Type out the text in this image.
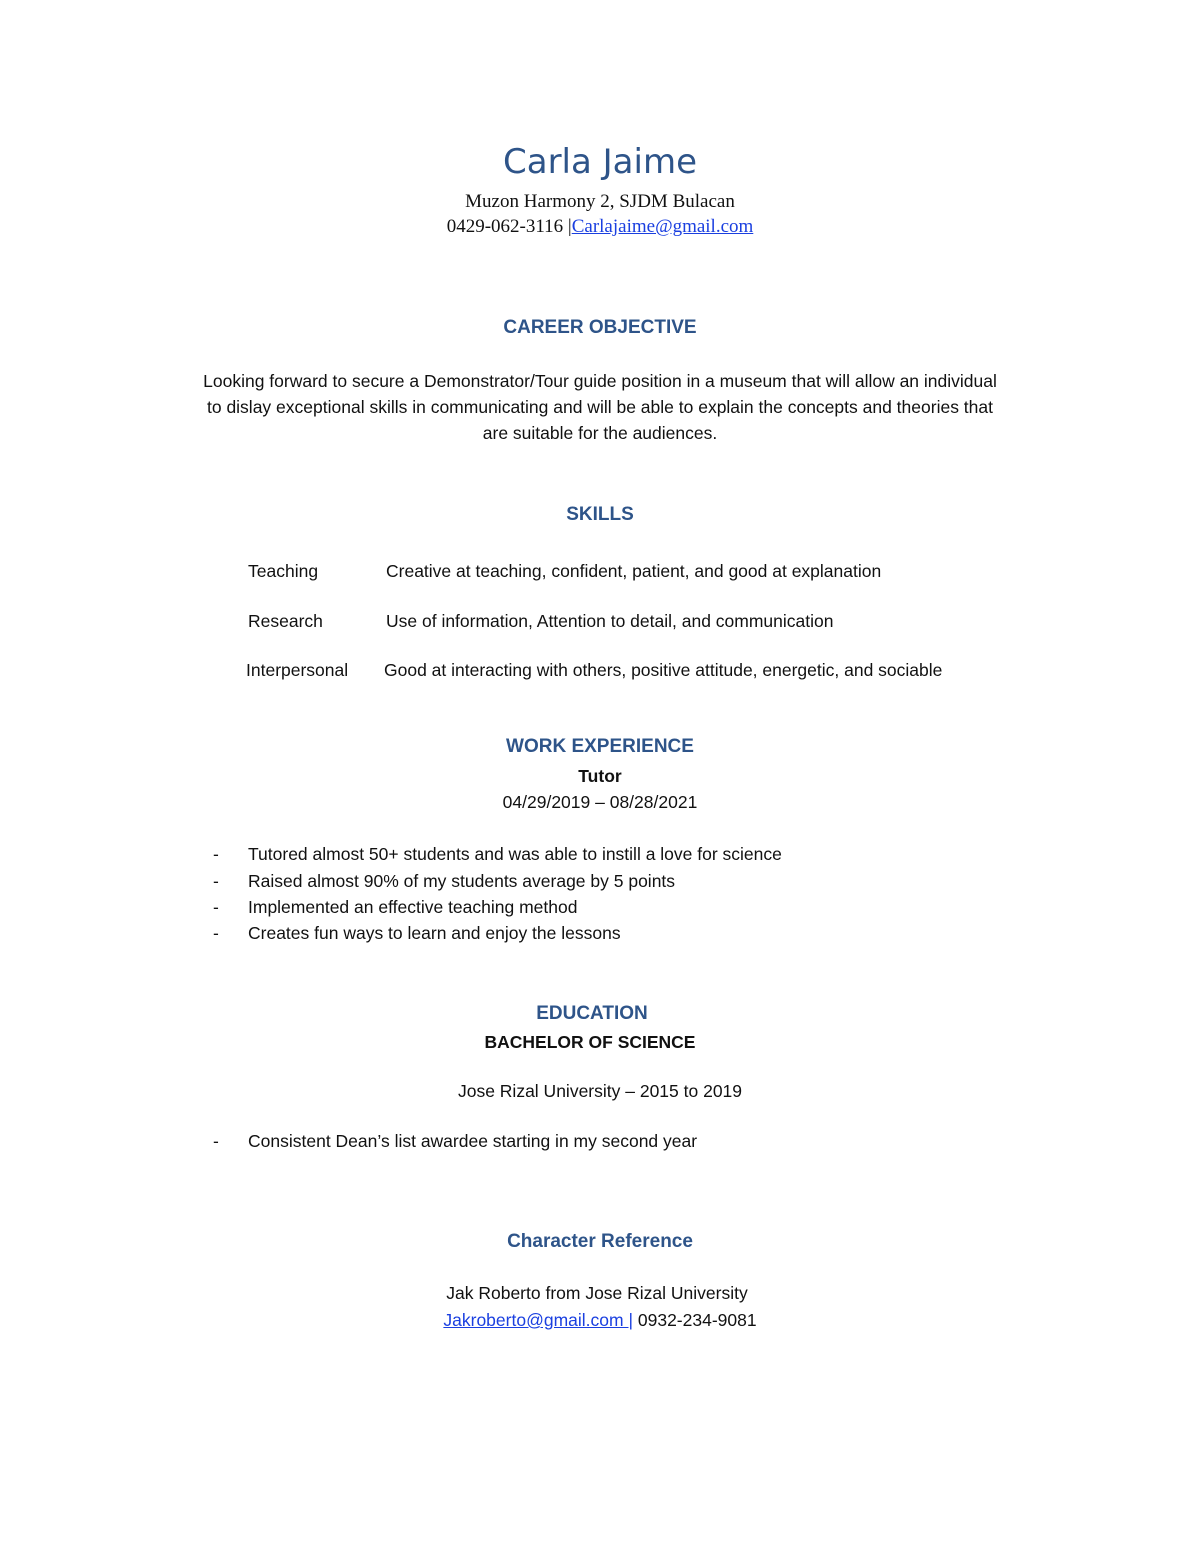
Carla Jaime
Muzon Harmony 2, SJDM Bulacan
0429-062-3116 |Carlajaime@gmail.com
CAREER OBJECTIVE
Looking forward to secure a Demonstrator/Tour guide position in a museum that will allow an individual
to dislay exceptional skills in communicating and will be able to explain the concepts and theories that
are suitable for the audiences.
SKILLS
Teaching	Creative at teaching, confident, patient, and good at explanation
Research	Use of information, Attention to detail, and communication
Interpersonal Good at interacting with others, positive attitude, energetic, and sociable
WORK EXPERIENCE
Tutor
04/29/2019 – 08/28/2021
- Tutored almost 50+ students and was able to instill a love for science
- Raised almost 90% of my students average by 5 points
- Implemented an effective teaching method
- Creates fun ways to learn and enjoy the lessons
EDUCATION
BACHELOR OF SCIENCE
Jose Rizal University – 2015 to 2019
- Consistent Dean’s list awardee starting in my second year
Character Reference
Jak Roberto from Jose Rizal University
Jakroberto@gmail.com | 0932-234-9081
